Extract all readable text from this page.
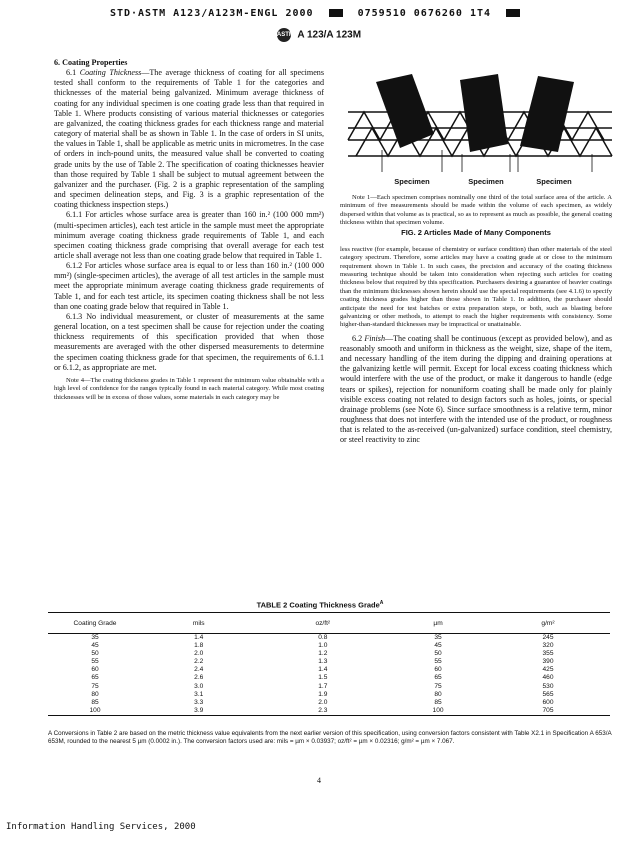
STD·ASTM A123/A123M-ENGL 2000	0759510 0676260 1T4
ASTM A 123/A 123M

6. Coating Properties

6.1 Coating Thickness—The average thickness of coating for all specimens tested shall conform to the requirements of Table 1 for the categories and thicknesses of the material being galvanized. Minimum average thickness of coating for any individual specimen is one coating grade less than that required in Table 1. Where products consisting of various material thicknesses or categories are galvanized, the coating thickness grades for each thickness range and material category of material shall be as shown in Table 1. In the case of orders in SI units, the values in Table 1, shall be applicable as metric units in micrometres. In the case of orders in inch-pound units, the measured value shall be converted to coating grade units by the use of Table 2. The specification of coating thicknesses heavier than those required by Table 1 shall be subject to mutual agreement between the galvanizer and the purchaser. (Fig. 2 is a graphic representation of the sampling and specimen delineation steps, and Fig. 3 is a graphic representation of the coating thickness inspection steps.)

6.1.1 For articles whose surface area is greater than 160 in.² (100 000 mm²) (multi-specimen articles), each test article in the sample must meet the appropriate minimum average coating thickness grade requirements of Table 1, and each specimen coating thickness grade comprising that overall average for each test article shall average not less than one coating grade below that required in Table 1.

6.1.2 For articles whose surface area is equal to or less than 160 in.² (100 000 mm²) (single-specimen articles), the average of all test articles in the sample must meet the appropriate minimum average coating thickness grade requirements of Table 1, and for each test article, its specimen coating thickness shall be not less than one coating grade below that required in Table 1.

6.1.3 No individual measurement, or cluster of measurements at the same general location, on a test specimen shall be cause for rejection under the coating thickness requirements of this specification provided that when those measurements are averaged with the other dispersed measurements to determine the specimen coating thickness grade for that specimen, the requirements of 6.1.1 or 6.1.2, as appropriate are met.

Note 4—The coating thickness grades in Table 1 represent the minimum value obtainable with a high level of confidence for the ranges typically found in each material category. While most coating thicknesses will be in excess of those values, some materials in each category may be

Specimen	Specimen	Specimen

Note 1—Each specimen comprises nominally one third of the total surface area of the article. A minimum of five measurements should be made within the volume of each specimen, as widely dispersed within that volume as is practical, so as to represent as much as possible, the general coating thickness within that specimen volume.

FIG. 2 Articles Made of Many Components

less reactive (for example, because of chemistry or surface condition) than other materials of the steel category spectrum. Therefore, some articles may have a coating grade at or close to the minimum requirement shown in Table 1. In such cases, the precision and accuracy of the coating thickness measuring technique should be taken into consideration when rejecting such articles for coating thickness below that required by this specification. Purchasers desiring a guarantee of heavier coatings than the minimum thicknesses shown herein should use the special requirements (see 4.1.6) to specify coating thickness grades higher than those shown in Table 1. In addition, the purchaser should anticipate the need for test batches or extra preparation steps, or both, such as blasting before galvanizing or other methods, to attempt to reach the higher requirements with consistency. Some higher-than-standard thicknesses may be impractical or unattainable.

6.2 Finish—The coating shall be continuous (except as provided below), and as reasonably smooth and uniform in thickness as the weight, size, shape of the item, and necessary handling of the item during the dipping and draining operations at the galvanizing kettle will permit. Except for local excess coating thickness which would interfere with the use of the product, or make it dangerous to handle (edge tears or spikes), rejection for nonuniform coating shall be made only for plainly visible excess coating not related to design factors such as holes, joints, or special drainage problems (see Note 6). Since surface smoothness is a relative term, minor roughness that does not interfere with the intended use of the product, or roughness that is related to the as-received (un-galvanized) surface condition, steel chemistry, or steel reactivity to zinc

TABLE 2 Coating Thickness Grade$^A$
Coating Grade	mils	oz/ft²	µm	g/m²
35	1.4	0.8	35	245
45	1.8	1.0	45	320
50	2.0	1.2	50	355
55	2.2	1.3	55	390
60	2.4	1.4	60	425
65	2.6	1.5	65	460
75	3.0	1.7	75	530
80	3.1	1.9	80	565
85	3.3	2.0	85	600
100	3.9	2.3	100	705
A Conversions in Table 2 are based on the metric thickness value equivalents from the next earlier version of this specification, using conversion factors consistent with Table X2.1 in Specification A 653/A 653M, rounded to the nearest 5 µm (0.0002 in.). The conversion factors used are: mils = µm × 0.03937; oz/ft² = µm × 0.02316; g/m² = µm × 7.067.
4
Information Handling Services, 2000
